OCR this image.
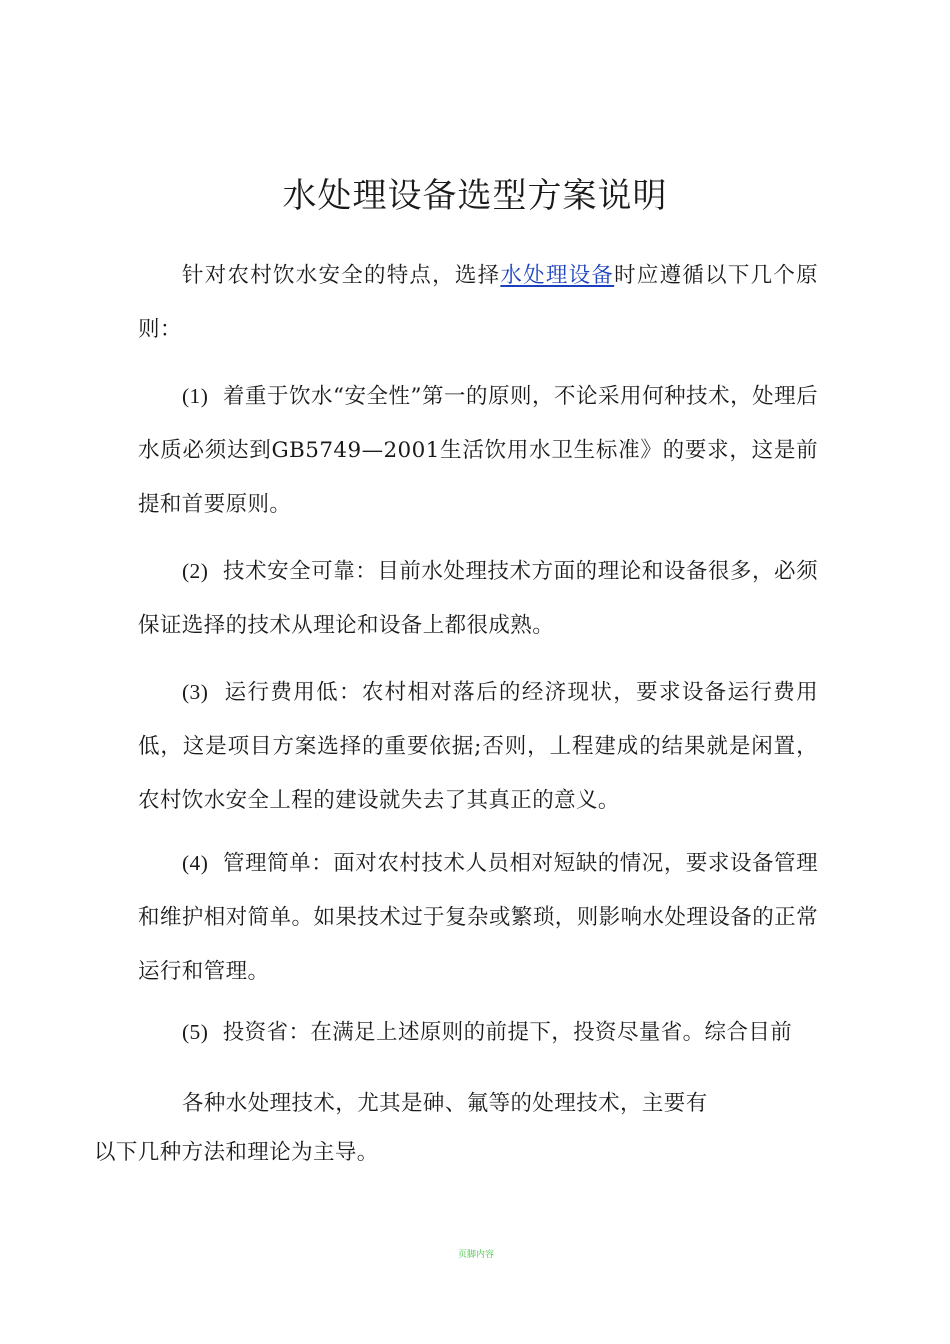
水处理设备选型方案说明

针对农村饮水安全的特点，选择水处理设备时应遵循以下几个原则：

(1) 着重于饮水“安全性”第一的原则，不论采用何种技术，处理后水质必须达到GB5749—2001生活饮用水卫生标准》的要求，这是前提和首要原则。

(2) 技术安全可靠：目前水处理技术方面的理论和设备很多，必须保证选择的技术从理论和设备上都很成熟。

(3) 运行费用低：农村相对落后的经济现状，要求设备运行费用低，这是项目方案选择的重要依据;否则，丄程建成的结果就是闲置，农村饮水安全丄程的建设就失去了其真正的意义。

(4) 管理简单：面对农村技术人员相对短缺的情况，要求设备管理和维护相对简单。如果技术过于复杂或繁琐，则影响水处理设备的正常运行和管理。

(5) 投资省：在满足上述原则的前提下，投资尽量省。综合目前

各种水处理技术，尤其是砷、氟等的处理技术，主要有
以下几种方法和理论为主导。

页脚内容
